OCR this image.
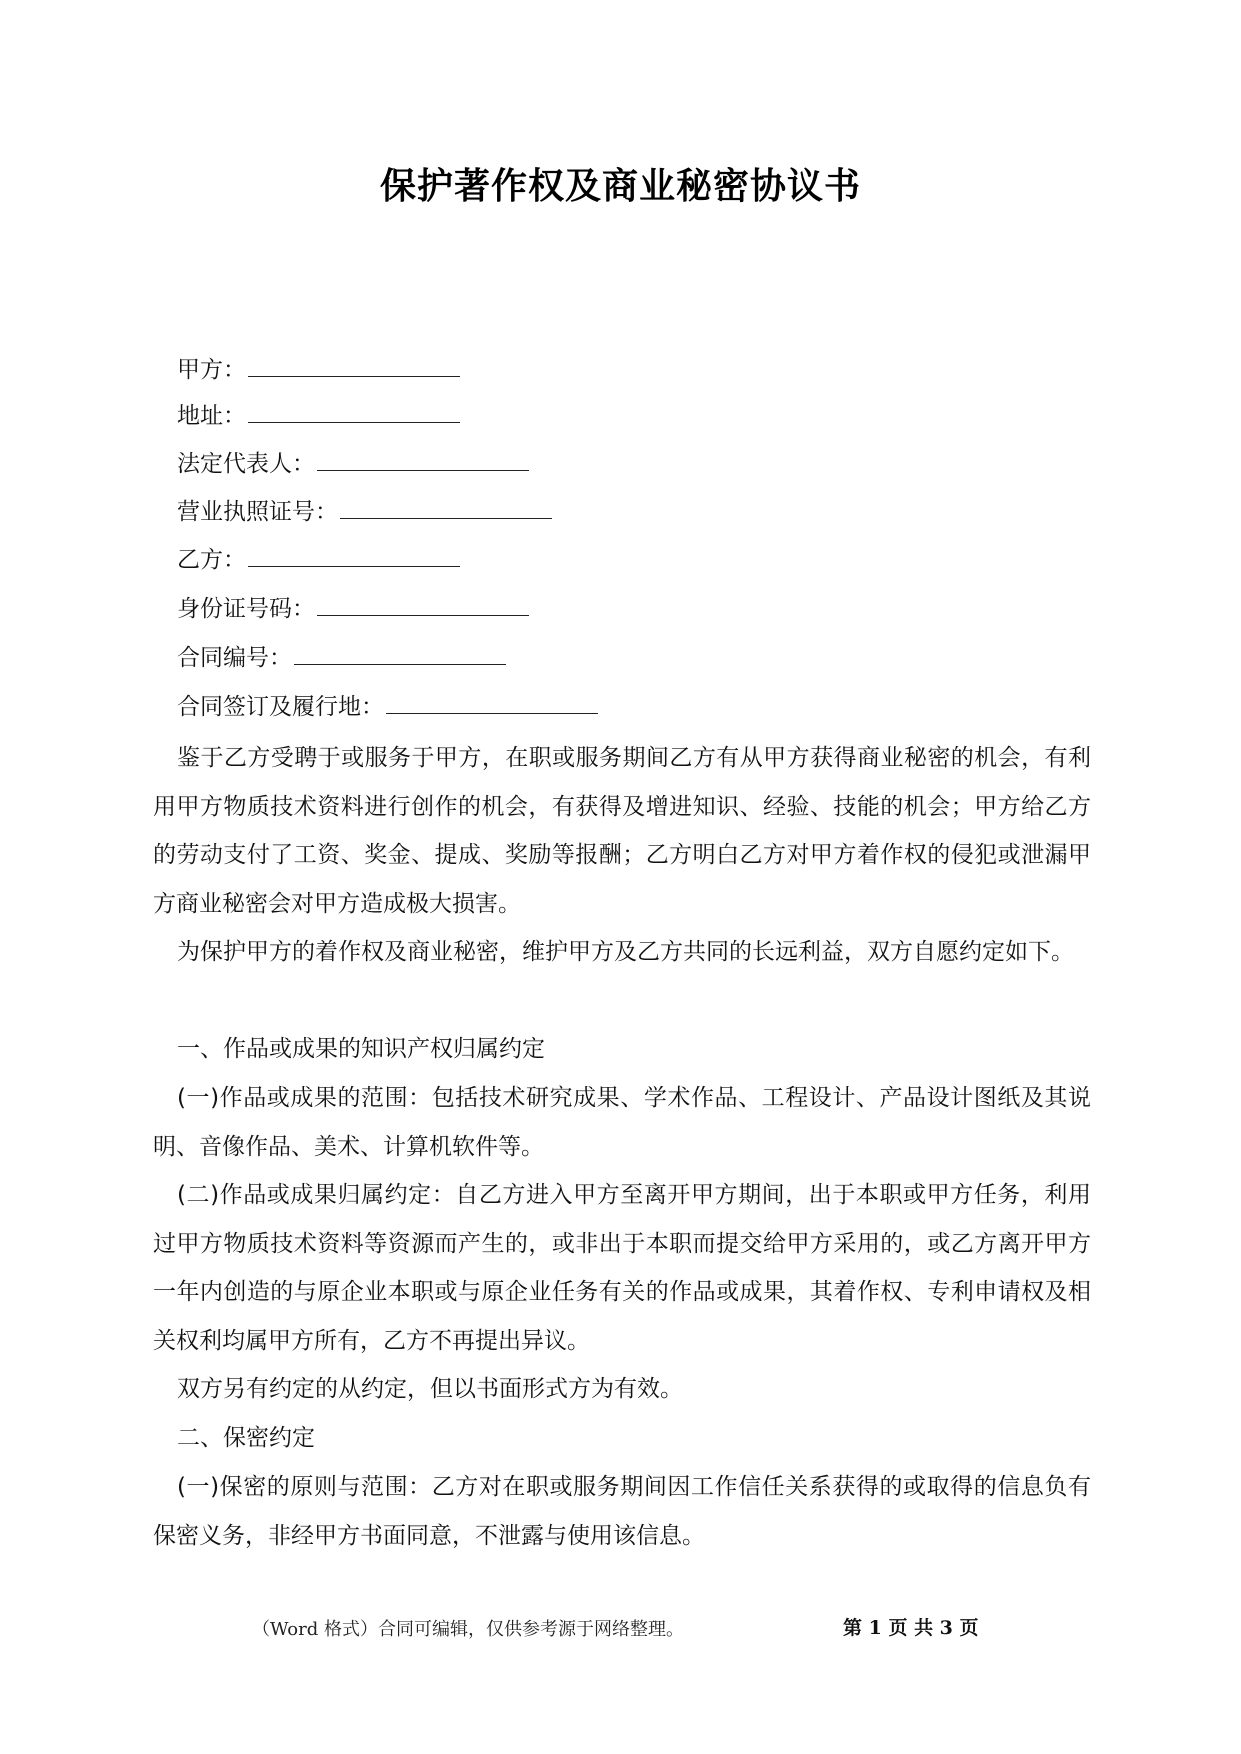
保护著作权及商业秘密协议书
甲方：
地址：
法定代表人：
营业执照证号：
乙方：
身份证号码：
合同编号：
合同签订及履行地：

鉴于乙方受聘于或服务于甲方，在职或服务期间乙方有从甲方获得商业秘密的机会，有利用甲方物质技术资料进行创作的机会，有获得及增进知识、经验、技能的机会；甲方给乙方的劳动支付了工资、奖金、提成、奖励等报酬；乙方明白乙方对甲方着作权的侵犯或泄漏甲方商业秘密会对甲方造成极大损害。

为保护甲方的着作权及商业秘密，维护甲方及乙方共同的长远利益，双方自愿约定如下。

一、作品或成果的知识产权归属约定

(一)作品或成果的范围：包括技术研究成果、学术作品、工程设计、产品设计图纸及其说明、音像作品、美术、计算机软件等。

(二)作品或成果归属约定：自乙方进入甲方至离开甲方期间，出于本职或甲方任务，利用过甲方物质技术资料等资源而产生的，或非出于本职而提交给甲方采用的，或乙方离开甲方一年内创造的与原企业本职或与原企业任务有关的作品或成果，其着作权、专利申请权及相关权利均属甲方所有，乙方不再提出异议。

双方另有约定的从约定，但以书面形式方为有效。

二、保密约定

(一)保密的原则与范围：乙方对在职或服务期间因工作信任关系获得的或取得的信息负有保密义务，非经甲方书面同意，不泄露与使用该信息。

（Word 格式）合同可编辑，仅供参考源于网络整理。	第 1 页 共 3 页
